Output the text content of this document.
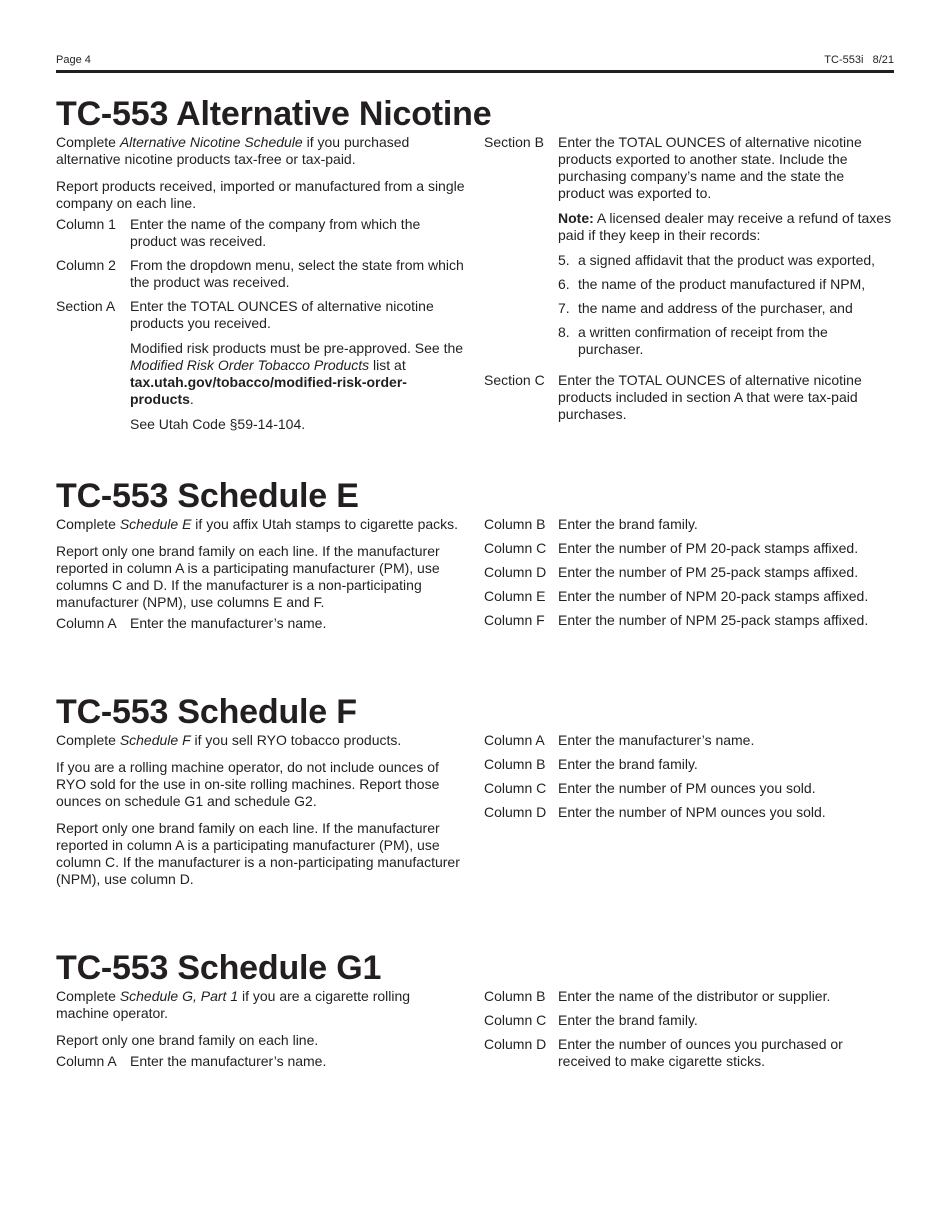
Page 4	TC-553i   8/21
TC-553 Alternative Nicotine

Complete Alternative Nicotine Schedule if you purchased alternative nicotine products tax-free or tax-paid.

Report products received, imported or manufactured from a single company on each line.

Column 1	Enter the name of the company from which the product was received.
Column 2	From the dropdown menu, select the state from which the product was received.
Section A	Enter the TOTAL OUNCES of alternative nicotine products you received.

Modified risk products must be pre-approved. See the Modified Risk Order Tobacco Products list at tax.utah.gov/tobacco/modified-risk-order-products.

See Utah Code §59-14-104.

Section B	Enter the TOTAL OUNCES of alternative nicotine products exported to another state. Include the purchasing company’s name and the state the product was exported to.

Note: A licensed dealer may receive a refund of taxes paid if they keep in their records:

5. a signed affidavit that the product was exported,
6. the name of the product manufactured if NPM,
7. the name and address of the purchaser, and
8. a written confirmation of receipt from the purchaser.
Section C Enter the TOTAL OUNCES of alternative nicotine products included in section A that were tax-paid purchases.
TC-553 Schedule E

Complete Schedule E if you affix Utah stamps to cigarette packs.

Report only one brand family on each line. If the manufacturer reported in column A is a participating manufacturer (PM), use columns C and D. If the manufacturer is a non-participating manufacturer (NPM), use columns E and F.

Column A Enter the manufacturer’s name.
Column B Enter the brand family.
Column C Enter the number of PM 20-pack stamps affixed.
Column D Enter the number of PM 25-pack stamps affixed.
Column E Enter the number of NPM 20-pack stamps affixed.
Column F Enter the number of NPM 25-pack stamps affixed.
TC-553 Schedule F

Complete Schedule F if you sell RYO tobacco products.

If you are a rolling machine operator, do not include ounces of RYO sold for the use in on-site rolling machines. Report those ounces on schedule G1 and schedule G2.

Report only one brand family on each line. If the manufacturer reported in column A is a participating manufacturer (PM), use column C. If the manufacturer is a non-participating manufacturer (NPM), use column D.

Column A Enter the manufacturer’s name.
Column B Enter the brand family.
Column C Enter the number of PM ounces you sold.
Column D Enter the number of NPM ounces you sold.
TC-553 Schedule G1

Complete Schedule G, Part 1 if you are a cigarette rolling machine operator.

Report only one brand family on each line.

Column A Enter the manufacturer’s name.
Column B Enter the name of the distributor or supplier.
Column C Enter the brand family.
Column D Enter the number of ounces you purchased or received to make cigarette sticks.
